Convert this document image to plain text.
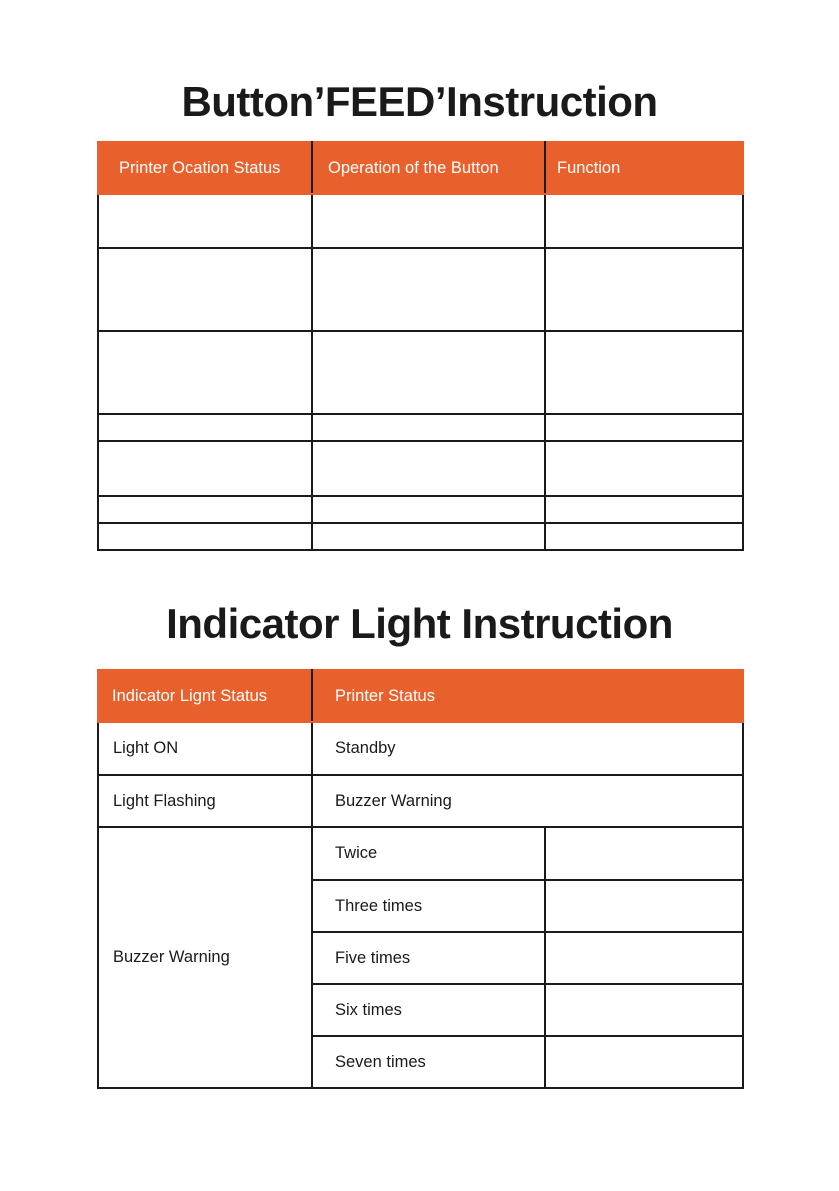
Button’FEED’Instruction
Printer Ocation Status	Operation of the Button	Function

Indicator Light Instruction
Indicator Lignt Status	Printer Status	
Light ON	Standby	
Light Flashing	Buzzer Warning	
Buzzer Warning	Twice	
	Three times	
	Five times	
	Six times	
	Seven times	
